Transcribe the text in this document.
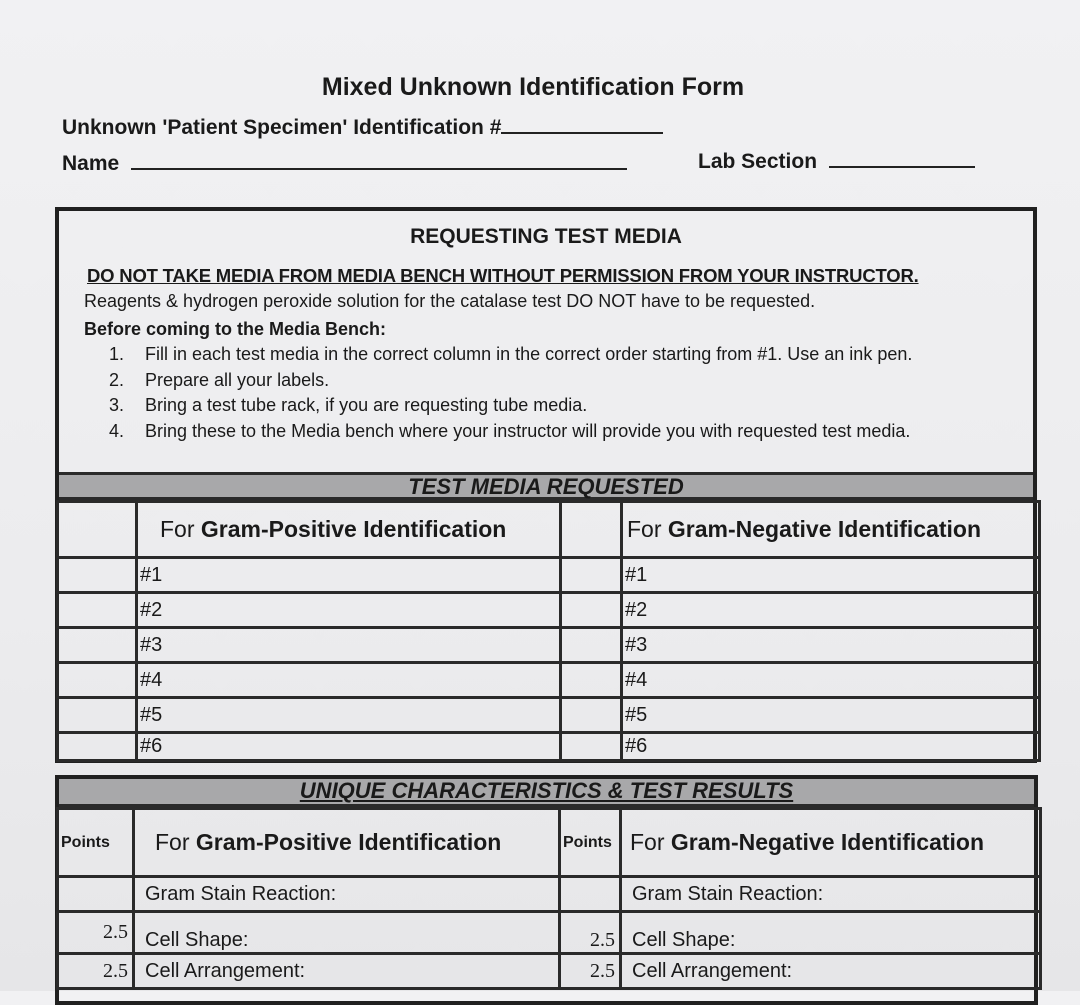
Mixed Unknown Identification Form
Unknown 'Patient Specimen' Identification #
Name	Lab Section
REQUESTING TEST MEDIA
DO NOT TAKE MEDIA FROM MEDIA BENCH WITHOUT PERMISSION FROM YOUR INSTRUCTOR.
Reagents & hydrogen peroxide solution for the catalase test DO NOT have to be requested.
Before coming to the Media Bench:
1.	Fill in each test media in the correct column in the correct order starting from #1. Use an ink pen.
2.	Prepare all your labels.
3.	Bring a test tube rack, if you are requesting tube media.
4.	Bring these to the Media bench where your instructor will provide you with requested test media.
TEST MEDIA REQUESTED
	For Gram-Positive Identification		For Gram-Negative Identification
	#1		#1
	#2		#2
	#3		#3
	#4		#4
	#5		#5
	#6		#6
UNIQUE CHARACTERISTICS & TEST RESULTS
Points	For Gram-Positive Identification	Points	For Gram-Negative Identification
	Gram Stain Reaction:		Gram Stain Reaction:
2.5	Cell Shape:	2.5	Cell Shape:
2.5	Cell Arrangement:	2.5	Cell Arrangement:
